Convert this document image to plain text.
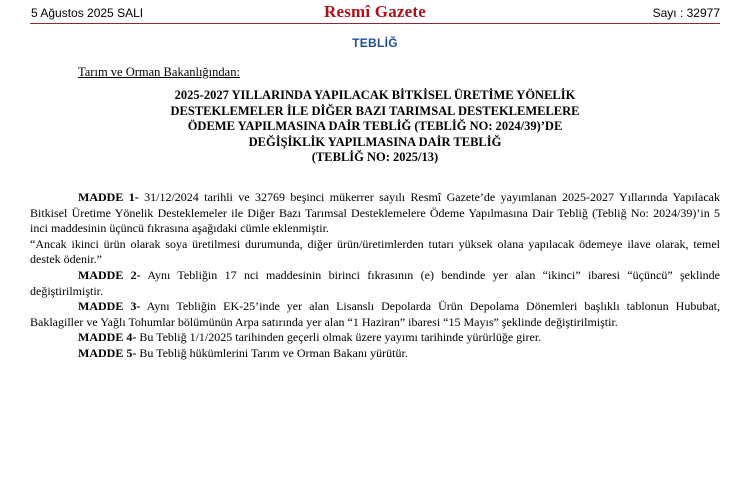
5 Ağustos 2025 SALI	Resmî Gazete	Sayı : 32977
TEBLİĞ
Tarım ve Orman Bakanlığından:
2025-2027 YILLARINDA YAPILACAK BİTKİSEL ÜRETİME YÖNELİK
DESTEKLEMELER İLE DİĞER BAZI TARIMSAL DESTEKLEMELERE
ÖDEME YAPILMASINA DAİR TEBLİĞ (TEBLİĞ NO: 2024/39)’DE
DEĞİŞİKLİK YAPILMASINA DAİR TEBLİĞ
(TEBLİĞ NO: 2025/13)

MADDE 1- 31/12/2024 tarihli ve 32769 beşinci mükerrer sayılı Resmî Gazete’de yayımlanan 2025-2027 Yıllarında Yapılacak Bitkisel Üretime Yönelik Desteklemeler ile Diğer Bazı Tarımsal Desteklemelere Ödeme Yapılmasına Dair Tebliğ (Tebliğ No: 2024/39)’in 5 inci maddesinin üçüncü fıkrasına aşağıdaki cümle eklenmiştir.

“Ancak ikinci ürün olarak soya üretilmesi durumunda, diğer ürün/üretimlerden tutarı yüksek olana yapılacak ödemeye ilave olarak, temel destek ödenir.”

MADDE 2- Aynı Tebliğin 17 nci maddesinin birinci fıkrasının (e) bendinde yer alan “ikinci” ibaresi “üçüncü” şeklinde değiştirilmiştir.

MADDE 3- Aynı Tebliğin EK-25’inde yer alan Lisanslı Depolarda Ürün Depolama Dönemleri başlıklı tablonun Hububat, Baklagiller ve Yağlı Tohumlar bölümünün Arpa satırında yer alan “1 Haziran” ibaresi “15 Mayıs” şeklinde değiştirilmiştir.

MADDE 4- Bu Tebliğ 1/1/2025 tarihinden geçerli olmak üzere yayımı tarihinde yürürlüğe girer.

MADDE 5- Bu Tebliğ hükümlerini Tarım ve Orman Bakanı yürütür.
